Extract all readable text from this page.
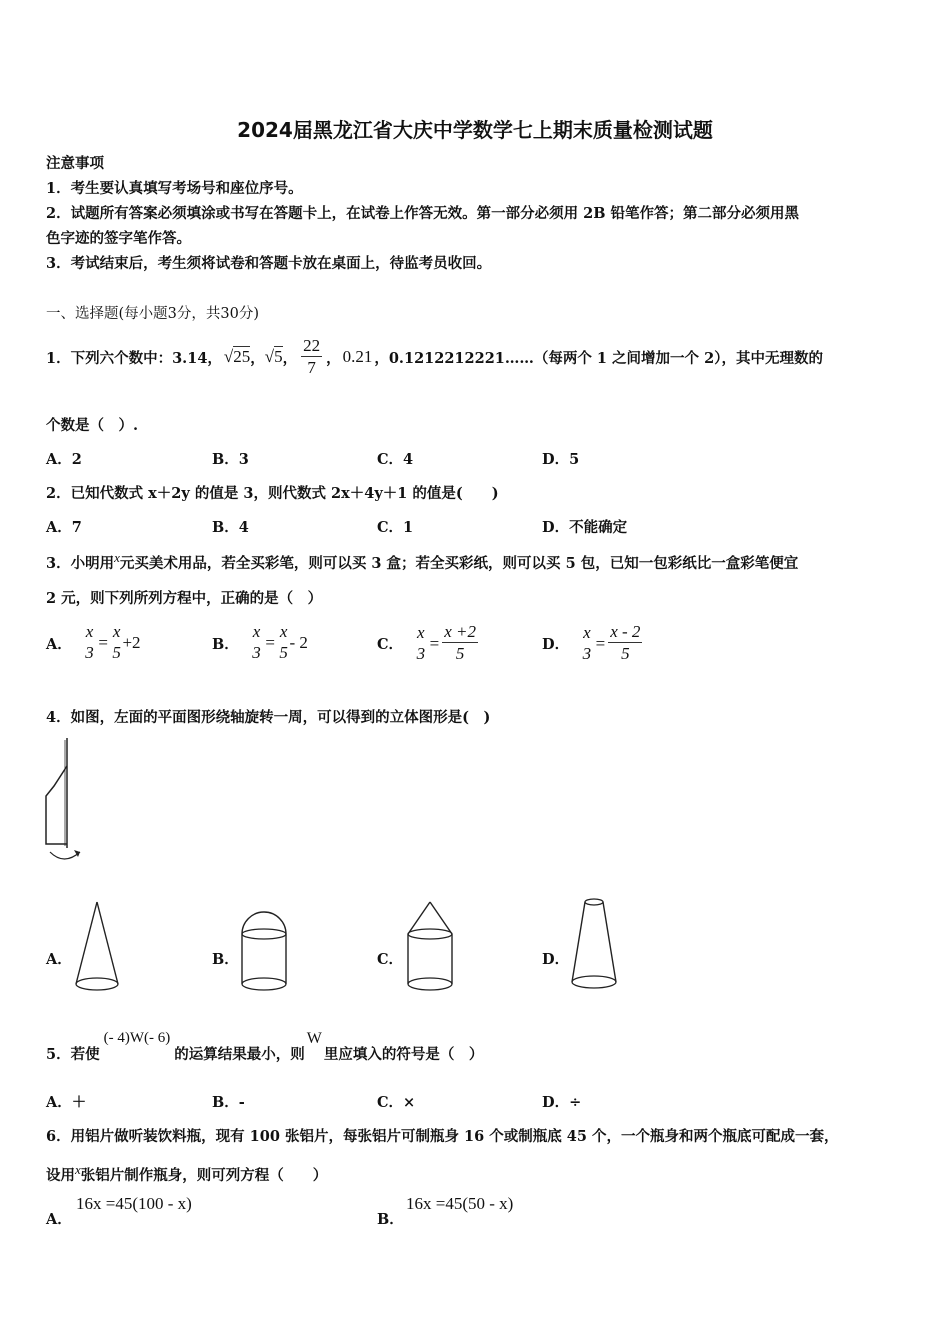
2024届黑龙江省大庆中学数学七上期末质量检测试题
注意事项
1．考生要认真填写考场号和座位序号。
2．试题所有答案必须填涂或书写在答题卡上，在试卷上作答无效。第一部分必须用 2B 铅笔作答；第二部分必须用黑
色字迹的签字笔作答。
3．考试结束后，考生须将试卷和答题卡放在桌面上，待监考员收回。
一、选择题(每小题3分，共30分)
1．下列六个数中：3.14， √25 ， √5 ， $\frac{22}{7}$ ， 0.21 ，0.1212212221……（每两个 1 之间增加一个 2），其中无理数的
个数是（　）.
A．2	B．3	C．4	D．5
2．已知代数式 x＋2y 的值是 3，则代数式 2x＋4y＋1 的值是(　　)
A．7	B．4	C．1	D．不能确定
3．小明用$^x$元买美术用品，若全买彩笔，则可以买 3 盒；若全买彩纸，则可以买 5 包，已知一包彩纸比一盒彩笔便宜
2 元，则下列所列方程中，正确的是（　）
A．
x
3
=
x
5
+2	B．
x
3
=
x
5
- 2	C．
x
3
= $\frac{x +2}{5}$	D．
x
3
= $\frac{x - 2}{5}$
4．如图，左面的平面图形绕轴旋转一周，可以得到的立体图形是(　)
A．	B．	C．	D．
5．若使
(- 4)W(- 6)
的运算结果最小，则
W
里应填入的符号是（　）
A．＋	B．-	C．×	D．÷
6．用铝片做听装饮料瓶，现有 100 张铝片，每张铝片可制瓶身 16 个或制瓶底 45 个，一个瓶身和两个瓶底可配成一套，
设用$^x$张铝片制作瓶身，则可列方程（　　）
A．
16x =45(100 - x)
B．
16x =45(50 - x)
